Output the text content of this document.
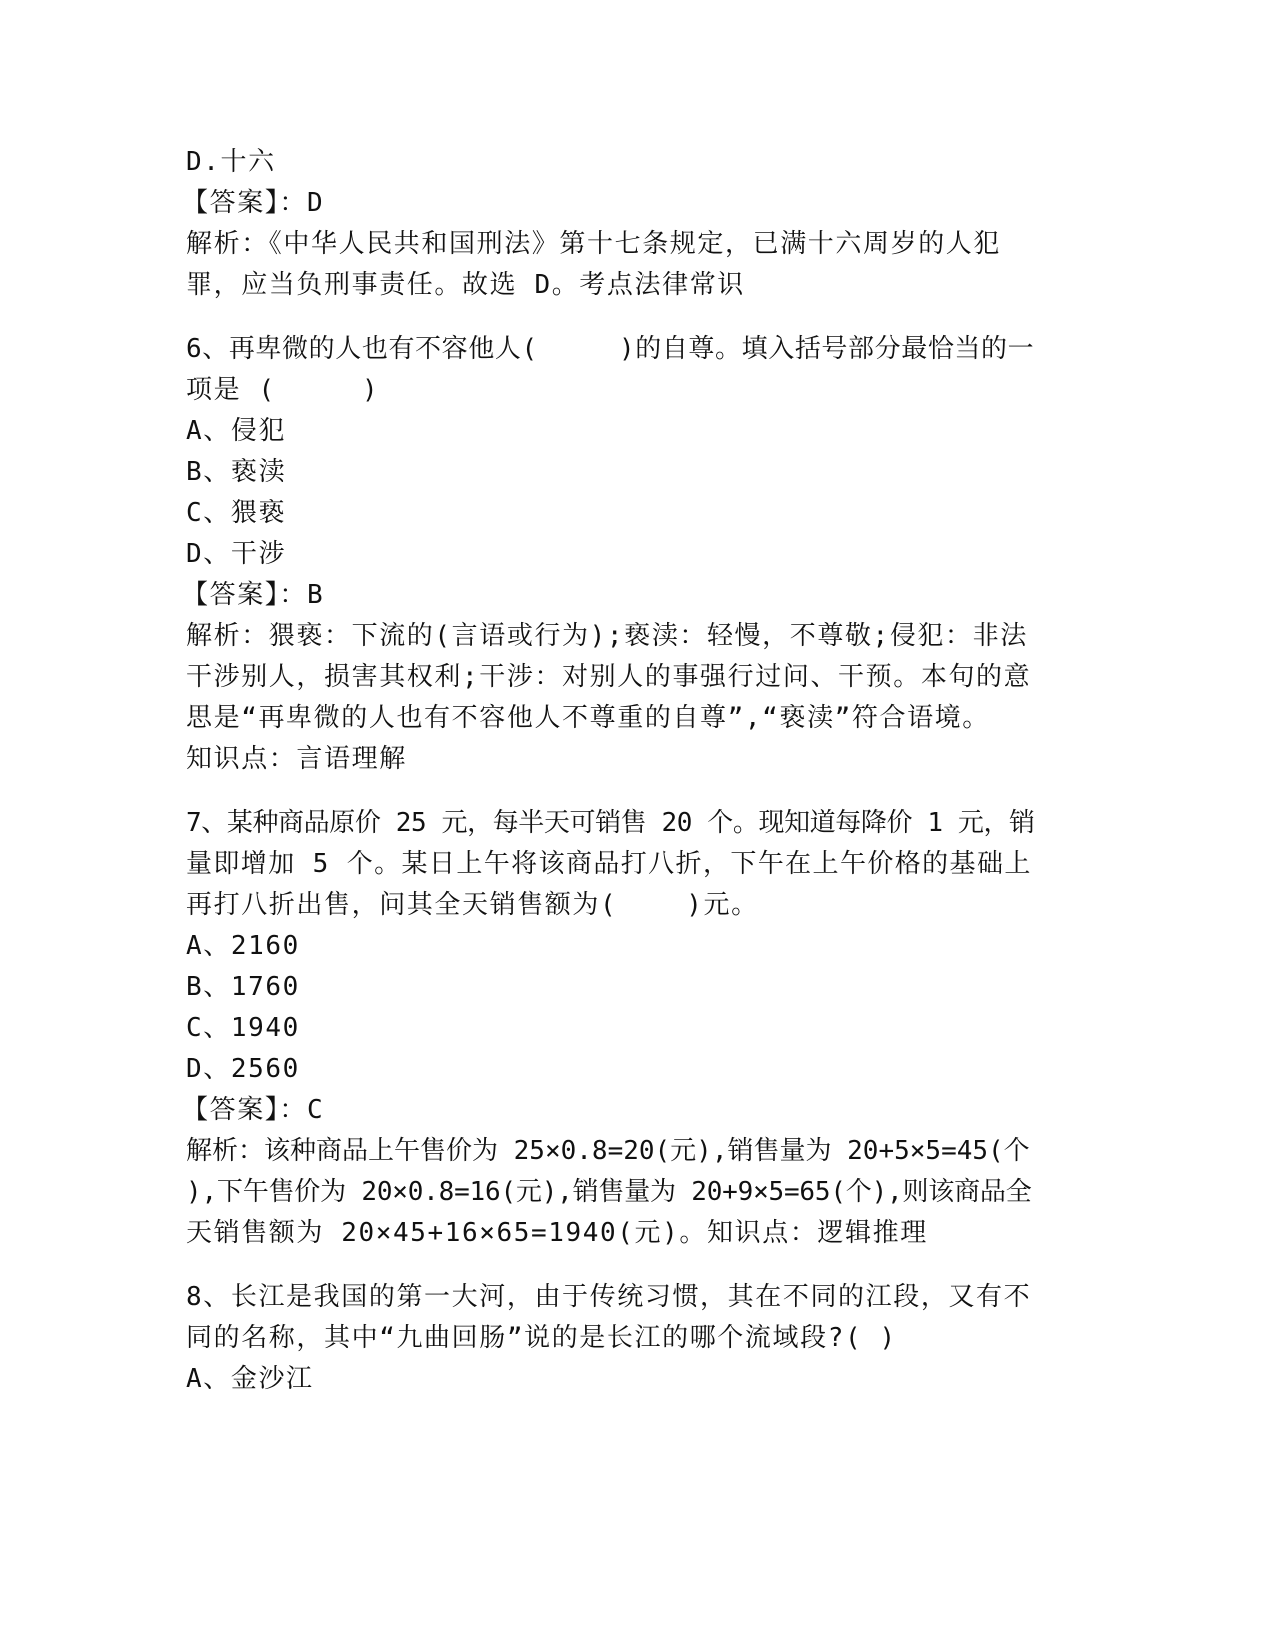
D.十六
【答案】：D
解析：《中华人民共和国刑法》第十七条规定，已满十六周岁的人犯
罪，应当负刑事责任。故选 D。考点法律常识
6、再卑微的人也有不容他人(     )的自尊。填入括号部分最恰当的一
项是 (     )
A、侵犯
B、亵渎
C、猥亵
D、干涉
【答案】：B
解析：猥亵：下流的(言语或行为);亵渎：轻慢，不尊敬;侵犯：非法
干涉别人，损害其权利;干涉：对别人的事强行过问、干预。本句的意
思是“再卑微的人也有不容他人不尊重的自尊”,“亵渎”符合语境。
知识点：言语理解
7、某种商品原价 25 元，每半天可销售 20 个。现知道每降价 1 元，销
量即增加 5 个。某日上午将该商品打八折，下午在上午价格的基础上
再打八折出售，问其全天销售额为(    )元。
A、2160
B、1760
C、1940
D、2560
【答案】：C
解析：该种商品上午售价为 25×0.8=20(元),销售量为 20+5×5=45(个
),下午售价为 20×0.8=16(元),销售量为 20+9×5=65(个),则该商品全
天销售额为 20×45+16×65=1940(元)。知识点：逻辑推理
8、长江是我国的第一大河，由于传统习惯，其在不同的江段，又有不
同的名称，其中“九曲回肠”说的是长江的哪个流域段?( )
A、金沙江
